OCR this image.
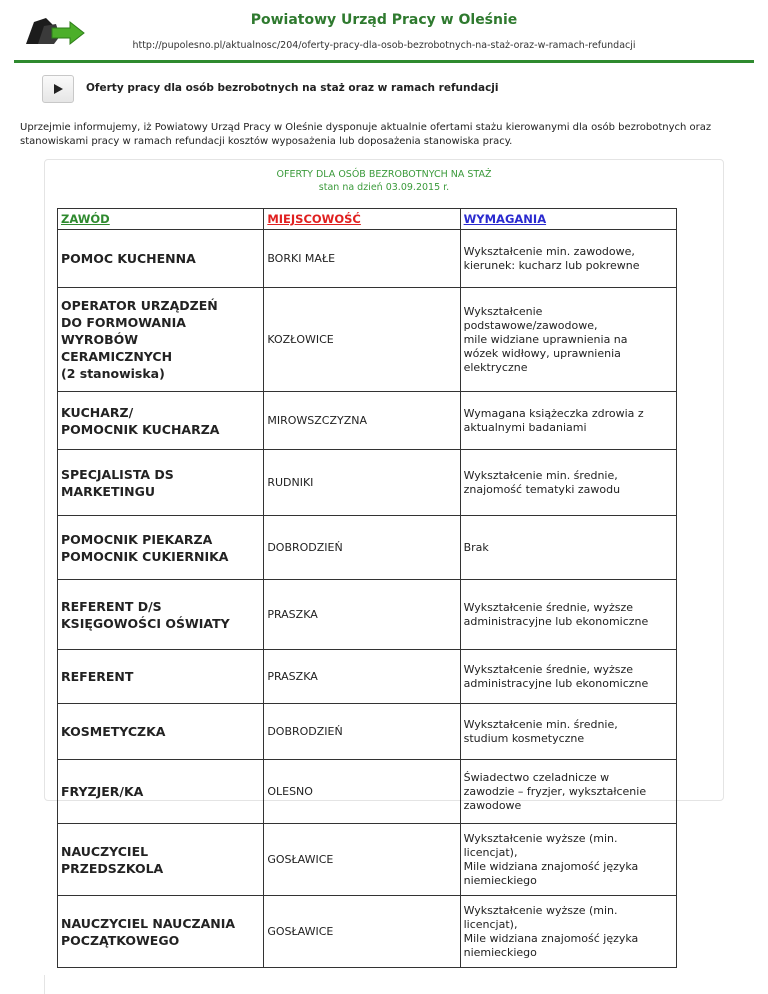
Powiatowy Urząd Pracy w Oleśnie
http://pupolesno.pl/aktualnosc/204/oferty-pracy-dla-osob-bezrobotnych-na-staż-oraz-w-ramach-refundacji
Oferty pracy dla osób bezrobotnych na staż oraz w ramach refundacji
Uprzejmie informujemy, iż Powiatowy Urząd Pracy w Oleśnie dysponuje aktualnie ofertami stażu kierowanymi dla osób bezrobotnych oraz stanowiskami pracy w ramach refundacji kosztów wyposażenia lub doposażenia stanowiska pracy.
OFERTY DLA OSÓB BEZROBOTNYCH NA STAŻ
stan na dzień 03.09.2015 r.
ZAWÓD	MIEJSCOWOŚĆ	WYMAGANIA
POMOC KUCHENNA	BORKI MAŁE	Wykształcenie min. zawodowe,
kierunek: kucharz lub pokrewne
OPERATOR URZĄDZEŃ
DO FORMOWANIA
WYROBÓW
CERAMICZNYCH
(2 stanowiska)	KOZŁOWICE	Wykształcenie
podstawowe/zawodowe,
mile widziane uprawnienia na
wózek widłowy, uprawnienia
elektryczne
KUCHARZ/
POMOCNIK KUCHARZA	MIROWSZCZYZNA	Wymagana książeczka zdrowia z
aktualnymi badaniami
SPECJALISTA DS
MARKETINGU	RUDNIKI	Wykształcenie min. średnie,
znajomość tematyki zawodu
POMOCNIK PIEKARZA
POMOCNIK CUKIERNIKA	DOBRODZIEŃ	Brak
REFERENT D/S
KSIĘGOWOŚCI OŚWIATY	PRASZKA	Wykształcenie średnie, wyższe
administracyjne lub ekonomiczne
REFERENT	PRASZKA	Wykształcenie średnie, wyższe
administracyjne lub ekonomiczne
KOSMETYCZKA	DOBRODZIEŃ	Wykształcenie min. średnie,
studium kosmetyczne
FRYZJER/KA	OLESNO	Świadectwo czeladnicze w
zawodzie – fryzjer, wykształcenie
zawodowe
NAUCZYCIEL
PRZEDSZKOLA	GOSŁAWICE	Wykształcenie wyższe (min.
licencjat),
Mile widziana znajomość języka
niemieckiego
NAUCZYCIEL NAUCZANIA
POCZĄTKOWEGO	GOSŁAWICE	Wykształcenie wyższe (min.
licencjat),
Mile widziana znajomość języka
niemieckiego
